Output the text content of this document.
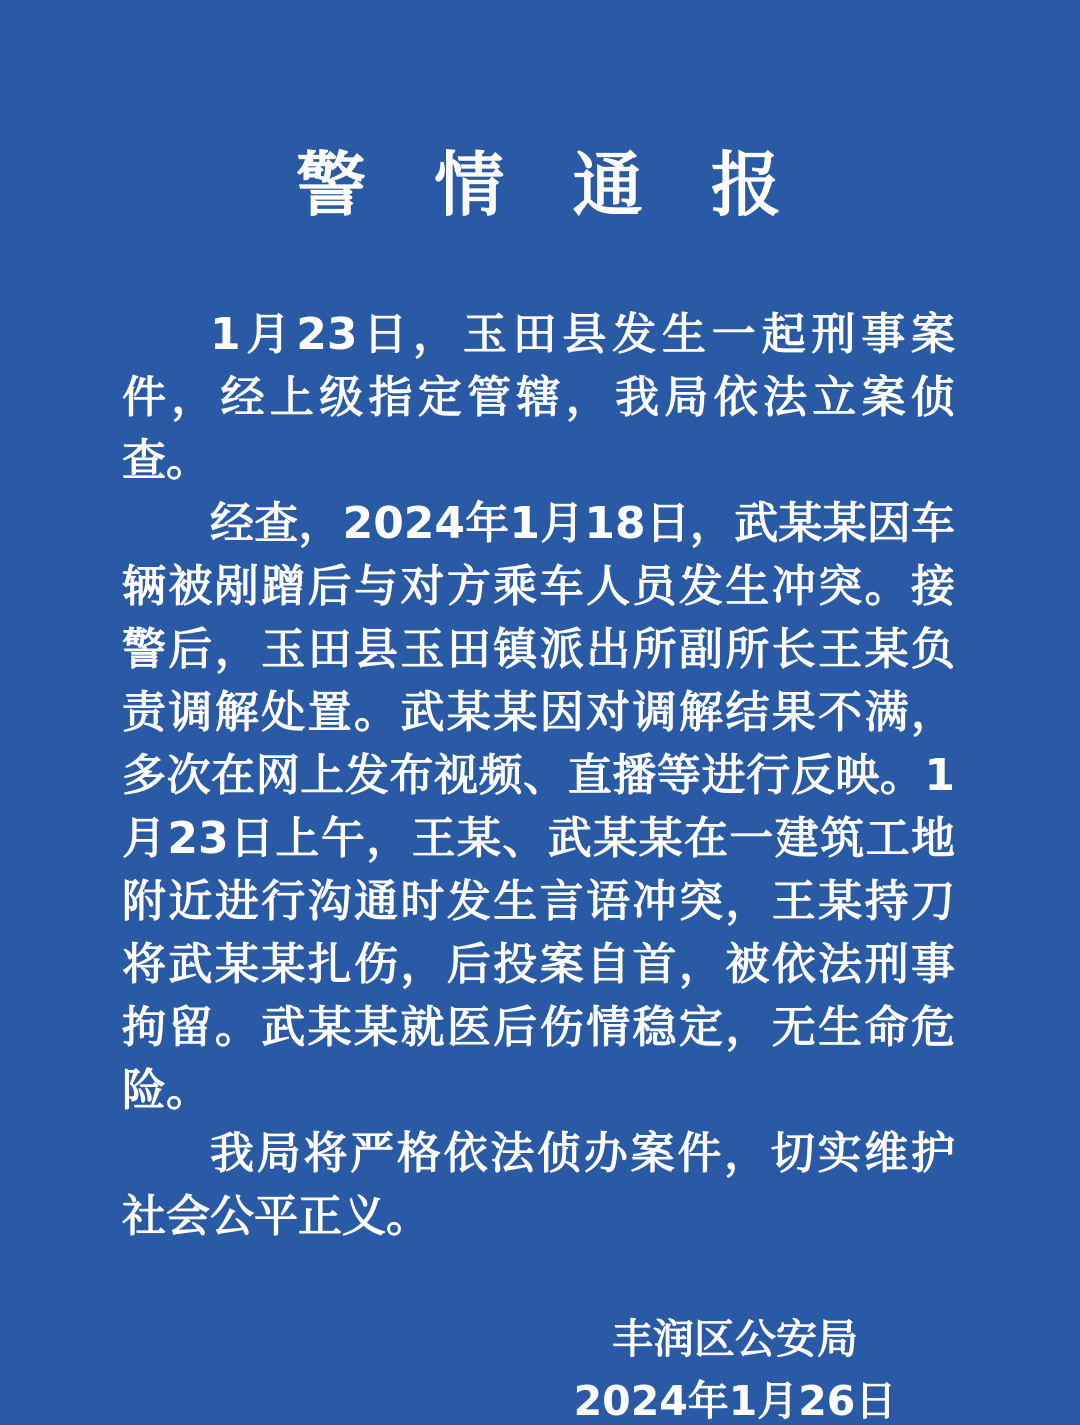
警 情 通 报

1月23日，玉田县发生一起刑事案件，经上级指定管辖，我局依法立案侦查。

经查，2024年1月18日，武某某因车辆被剐蹭后与对方乘车人员发生冲突。接警后，玉田县玉田镇派出所副所长王某负责调解处置。武某某因对调解结果不满，多次在网上发布视频、直播等进行反映。1月23日上午，王某、武某某在一建筑工地附近进行沟通时发生言语冲突，王某持刀将武某某扎伤，后投案自首，被依法刑事拘留。武某某就医后伤情稳定，无生命危险。

我局将严格依法侦办案件，切实维护社会公平正义。

丰润区公安局
2024年1月26日
